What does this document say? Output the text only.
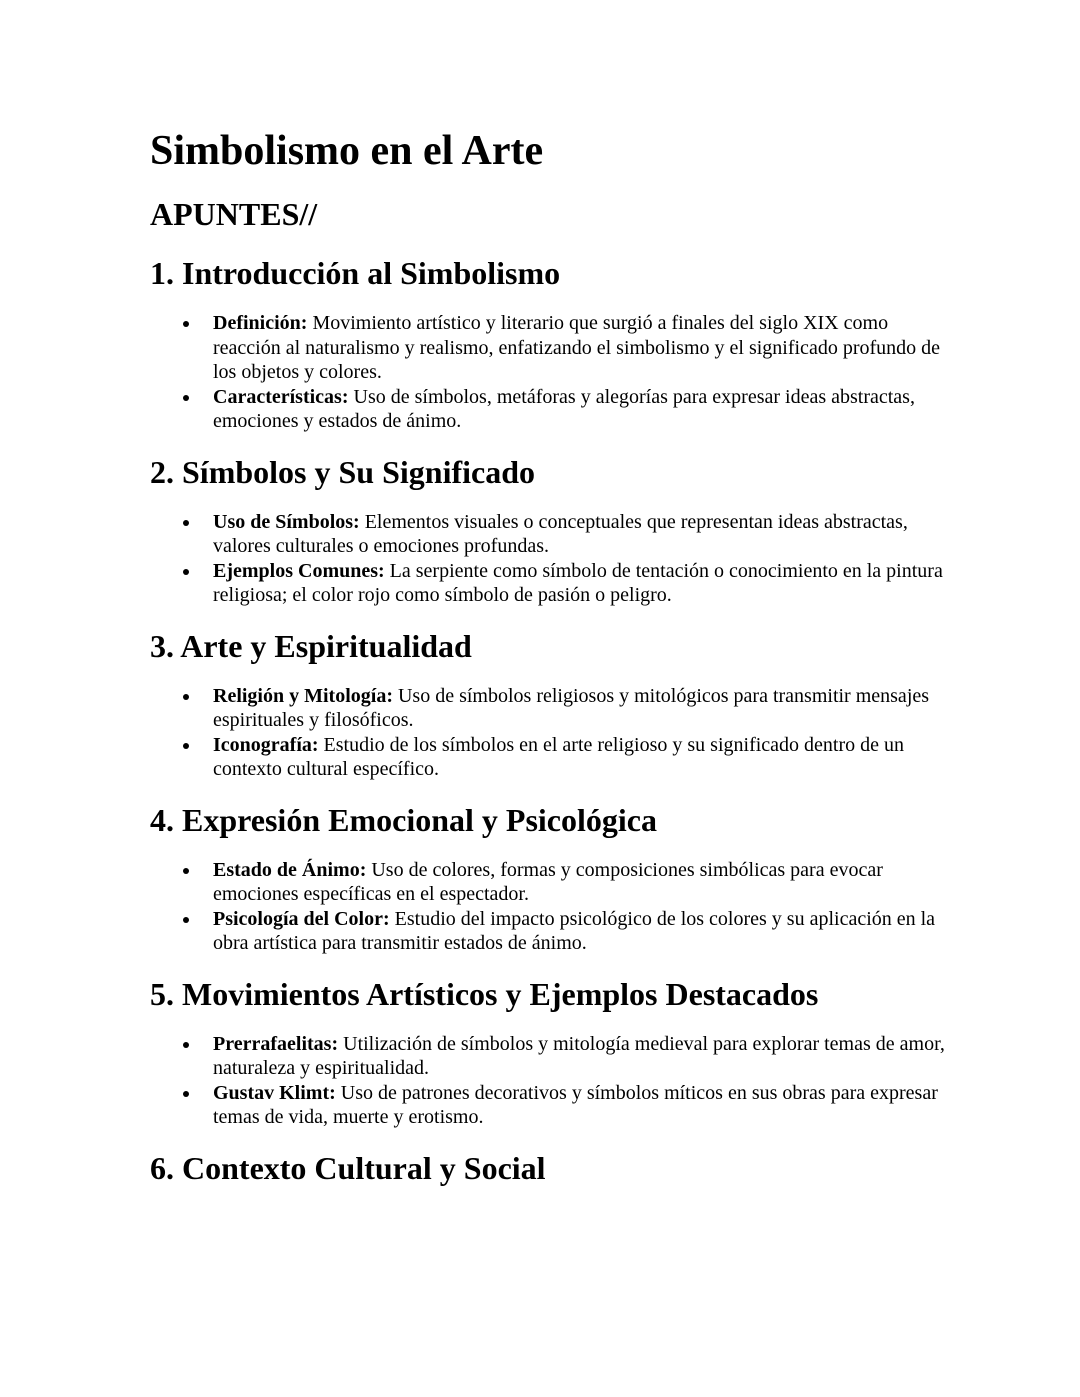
Simbolismo en el Arte
APUNTES//
1. Introducción al Simbolismo
Definición: Movimiento artístico y literario que surgió a finales del siglo XIX como reacción al naturalismo y realismo, enfatizando el simbolismo y el significado profundo de los objetos y colores.
Características: Uso de símbolos, metáforas y alegorías para expresar ideas abstractas, emociones y estados de ánimo.
2. Símbolos y Su Significado
Uso de Símbolos: Elementos visuales o conceptuales que representan ideas abstractas, valores culturales o emociones profundas.
Ejemplos Comunes: La serpiente como símbolo de tentación o conocimiento en la pintura religiosa; el color rojo como símbolo de pasión o peligro.
3. Arte y Espiritualidad
Religión y Mitología: Uso de símbolos religiosos y mitológicos para transmitir mensajes espirituales y filosóficos.
Iconografía: Estudio de los símbolos en el arte religioso y su significado dentro de un contexto cultural específico.
4. Expresión Emocional y Psicológica
Estado de Ánimo: Uso de colores, formas y composiciones simbólicas para evocar emociones específicas en el espectador.
Psicología del Color: Estudio del impacto psicológico de los colores y su aplicación en la obra artística para transmitir estados de ánimo.
5. Movimientos Artísticos y Ejemplos Destacados
Prerrafaelitas: Utilización de símbolos y mitología medieval para explorar temas de amor, naturaleza y espiritualidad.
Gustav Klimt: Uso de patrones decorativos y símbolos míticos en sus obras para expresar temas de vida, muerte y erotismo.
6. Contexto Cultural y Social
